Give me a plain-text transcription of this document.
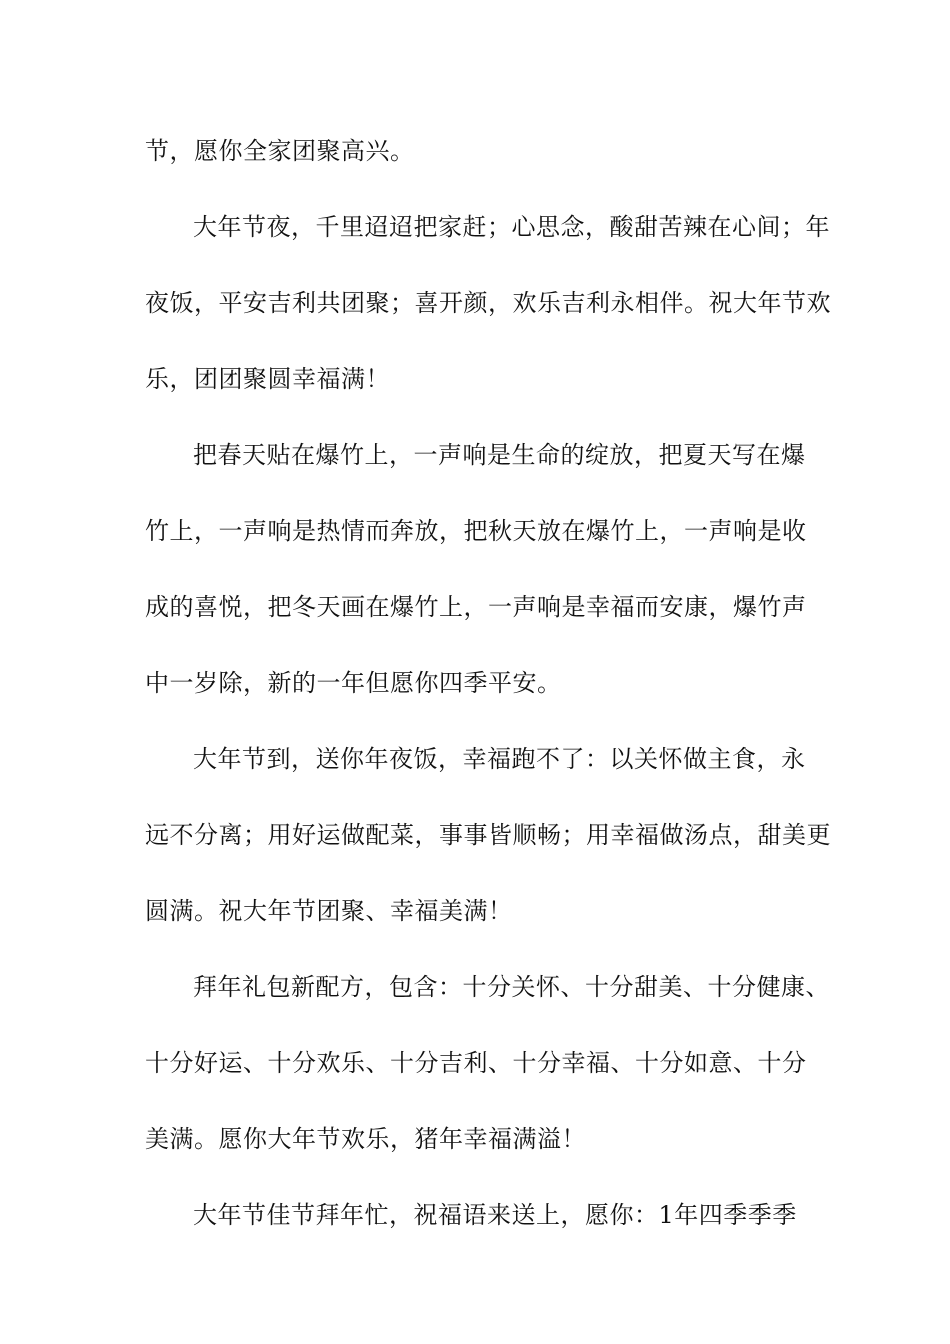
节，愿你全家团聚高兴。
大年节夜，千里迢迢把家赶；心思念，酸甜苦辣在心间；年
夜饭，平安吉利共团聚；喜开颜，欢乐吉利永相伴。祝大年节欢
乐，团团聚圆幸福满！
把春天贴在爆竹上，一声响是生命的绽放，把夏天写在爆
竹上，一声响是热情而奔放，把秋天放在爆竹上，一声响是收
成的喜悦，把冬天画在爆竹上，一声响是幸福而安康，爆竹声
中一岁除，新的一年但愿你四季平安。
大年节到，送你年夜饭，幸福跑不了：以关怀做主食，永
远不分离；用好运做配菜，事事皆顺畅；用幸福做汤点，甜美更
圆满。祝大年节团聚、幸福美满！
拜年礼包新配方，包含：十分关怀、十分甜美、十分健康、
十分好运、十分欢乐、十分吉利、十分幸福、十分如意、十分
美满。愿你大年节欢乐，猪年幸福满溢！
大年节佳节拜年忙，祝福语来送上，愿你：1年四季季季
